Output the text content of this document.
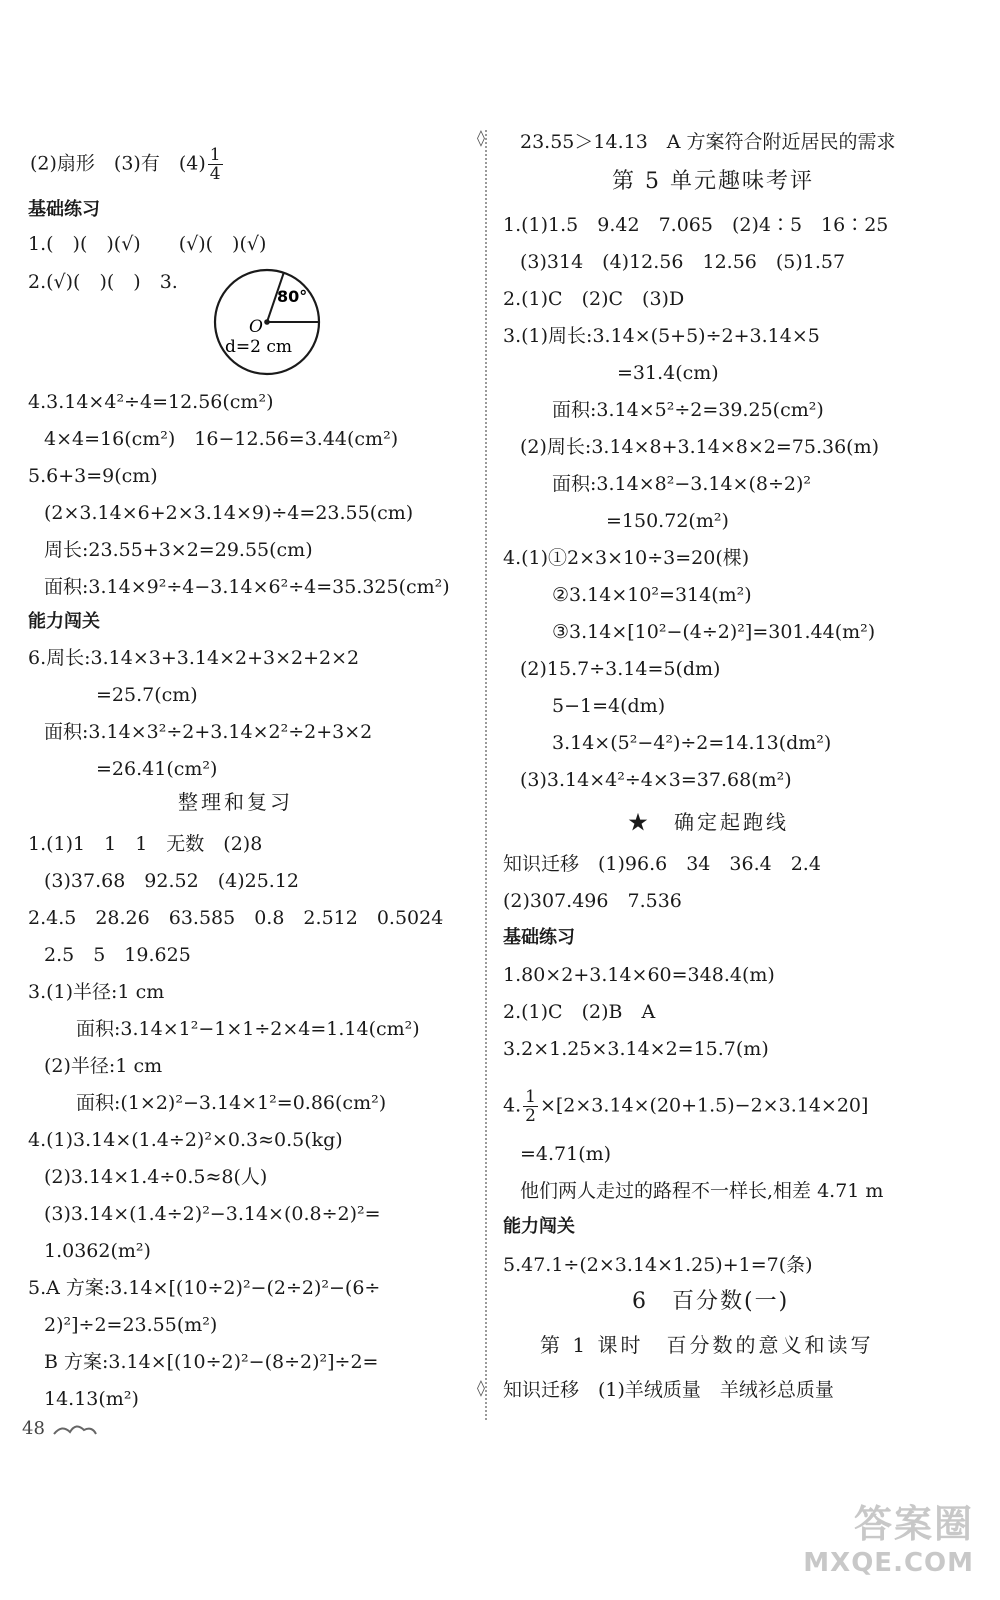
(2)扇形　(3)有　$(4) \frac{1}{4}$
基础练习
1.(　)(　)(√)　　(√)(　)(√)
2.(√)(　)(　)　3.
4.3.14×4²÷4=12.56(cm²)
4×4=16(cm²)　16−12.56=3.44(cm²)
5.6+3=9(cm)
(2×3.14×6+2×3.14×9)÷4=23.55(cm)
周长:23.55+3×2=29.55(cm)
面积:3.14×9²÷4−3.14×6²÷4=35.325(cm²)
能力闯关
6.周长:3.14×3+3.14×2+3×2+2×2
=25.7(cm)
面积:3.14×3²÷2+3.14×2²÷2+3×2
=26.41(cm²)
整理和复习
1.(1)1　1　1　无数　(2)8
(3)37.68　92.52　(4)25.12
2.4.5　28.26　63.585　0.8　2.512　0.5024
2.5　5　19.625
3.(1)半径:1 cm
面积:3.14×1²−1×1÷2×4=1.14(cm²)
(2)半径:1 cm
面积:(1×2)²−3.14×1²=0.86(cm²)
4.(1)3.14×(1.4÷2)²×0.3≈0.5(kg)
(2)3.14×1.4÷0.5≈8(人)
(3)3.14×(1.4÷2)²−3.14×(0.8÷2)²=
1.0362(m²)
5.A 方案:3.14×[(10÷2)²−(2÷2)²−(6÷
2)²]÷2=23.55(m²)
B 方案:3.14×[(10÷2)²−(8÷2)²]÷2=
14.13(m²)
23.55＞14.13　A 方案符合附近居民的需求
第 5 单元趣味考评
1.(1)1.5　9.42　7.065　(2)4∶5　16∶25
(3)314　(4)12.56　12.56　(5)1.57
2.(1)C　(2)C　(3)D
3.(1)周长:3.14×(5+5)÷2+3.14×5
=31.4(cm)
面积:3.14×5²÷2=39.25(cm²)
(2)周长:3.14×8+3.14×8×2=75.36(m)
面积:3.14×8²−3.14×(8÷2)²
=150.72(m²)
4.(1)①2×3×10÷3=20(棵)
②3.14×10²=314(m²)
③3.14×[10²−(4÷2)²]=301.44(m²)
(2)15.7÷3.14=5(dm)
5−1=4(dm)
3.14×(5²−4²)÷2=14.13(dm²)
(3)3.14×4²÷4×3=37.68(m²)
★　确定起跑线
知识迁移　(1)96.6　34　36.4　2.4
(2)307.496　7.536
基础练习
1.80×2+3.14×60=348.4(m)
2.(1)C　(2)B　A
3.2×1.25×3.14×2=15.7(m)
4. $\frac{1}{2} \times[2\times 3.14\times(20+1.5)-2\times 3.14\times 20]$
=4.71(m)
他们两人走过的路程不一样长,相差 4.71 m
能力闯关
5.47.1÷(2×3.14×1.25)+1=7(条)
6　百分数(一)
第 1 课时　百分数的意义和读写
知识迁移　(1)羊绒质量　羊绒衫总质量
◊
◊
80°
O
d=2 cm
48
答案圈
MXQE.COM
